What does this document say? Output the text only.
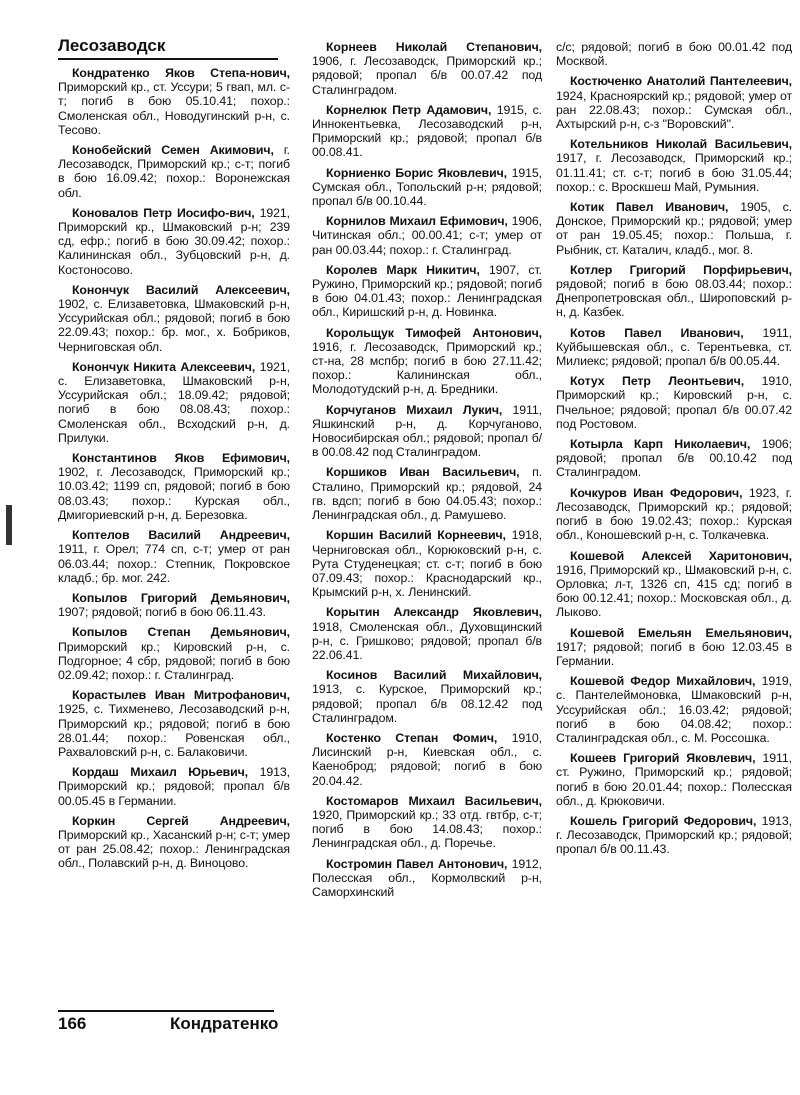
Лесозаводск
Кондратенко Яков Степа-нович, Приморский кр., ст. Уссури; 5 гвап, мл. с-т; погиб в бою 05.10.41; похор.: Смоленская обл., Новодугинский р-н, с. Тесово.
Конобейский Семен Акимович, г. Лесозаводск, Приморский кр.; с-т; погиб в бою 16.09.42; похор.: Воронежская обл.
Коновалов Петр Иосифо-вич, 1921, Приморский кр., Шмаковский р-н; 239 сд, ефр.; погиб в бою 30.09.42; похор.: Калининская обл., Зубцовский р-н, д. Костоносово.
Конончук Василий Алексеевич, 1902, с. Елизаветовка, Шмаковский р-н, Уссурийская обл.; рядовой; погиб в бою 22.09.43; похор.: бр. мог., х. Бобриков, Черниговская обл.
Конончук Никита Алексеевич, 1921, с. Елизаветовка, Шмаковский р-н, Уссурийская обл.; 18.09.42; рядовой; погиб в бою 08.08.43; похор.: Смоленская обл., Всходский р-н, д. Прилуки.
Константинов Яков Ефимович, 1902, г. Лесозаводск, Приморский кр.; 10.03.42; 1199 сп, рядовой; погиб в бою 08.03.43; похор.: Курская обл., Дмигориевский р-н, д. Березовка.
Коптелов Василий Андреевич, 1911, г. Орел; 774 сп, с-т; умер от ран 06.03.44; похор.: Степник, Покровское кладб.; бр. мог. 242.
Копылов Григорий Демьянович, 1907; рядовой; погиб в бою 06.11.43.
Копылов Степан Демьянович, Приморский кр.; Кировский р-н, с. Подгорное; 4 сбр, рядовой; погиб в бою 02.09.42; похор.: г. Сталинград.
Корастылев Иван Митрофанович, 1925, с. Тихменево, Лесозаводский р-н, Приморский кр.; рядовой; погиб в бою 28.01.44; похор.: Ровенская обл., Рахваловский р-н, с. Балаковичи.
Кордаш Михаил Юрьевич, 1913, Приморский кр.; рядовой; пропал б/в 00.05.45 в Германии.
Коркин Сергей Андреевич, Приморский кр., Хасанский р-н; с-т; умер от ран 25.08.42; похор.: Ленинградская обл., Полавский р-н, д. Виноцово.
Корнеев Николай Степанович, 1906, г. Лесозаводск, Приморский кр.; рядовой; пропал б/в 00.07.42 под Сталинградом.
Корнелюк Петр Адамович, 1915, с. Иннокентьевка, Лесозаводский р-н, Приморский кр.; рядовой; пропал б/в 00.08.41.
Корниенко Борис Яковлевич, 1915, Сумская обл., Топольский р-н; рядовой; пропал б/в 00.10.44.
Корнилов Михаил Ефимович, 1906, Читинская обл.; 00.00.41; с-т; умер от ран 00.03.44; похор.: г. Сталинград.
Королев Марк Никитич, 1907, ст. Ружино, Приморский кр.; рядовой; погиб в бою 04.01.43; похор.: Ленинградская обл., Киришский р-н, д. Новинка.
Корольщук Тимофей Антонович, 1916, г. Лесозаводск, Приморский кр.; ст-на, 28 мспбр; погиб в бою 27.11.42; похор.: Калининская обл., Молодотудский р-н, д. Бредники.
Корчуганов Михаил Лукич, 1911, Яшкинский р-н, д. Корчуганово, Новосибирская обл.; рядовой; пропал б/в 00.08.42 под Сталинградом.
Коршиков Иван Васильевич, п. Сталино, Приморский кр.; рядовой, 24 гв. вдсп; погиб в бою 04.05.43; похор.: Ленинградская обл., д. Рамушево.
Коршин Василий Корнеевич, 1918, Черниговская обл., Корюковский р-н, с. Рута Студенецкая; ст. с-т; погиб в бою 07.09.43; похор.: Краснодарский кр., Крымский р-н, х. Ленинский.
Корытин Александр Яковлевич, 1918, Смоленская обл., Духовщинский р-н, с. Гришково; рядовой; пропал б/в 22.06.41.
Косинов Василий Михайлович, 1913, с. Курское, Приморский кр.; рядовой; пропал б/в 08.12.42 под Сталинградом.
Костенко Степан Фомич, 1910, Лисинский р-н, Киевская обл., с. Каеноброд; рядовой; погиб в бою 20.04.42.
Костомаров Михаил Васильевич, 1920, Приморский кр.; 33 отд. гвтбр, с-т; погиб в бою 14.08.43; похор.: Ленинградская обл., д. Поречье.
Костромин Павел Антонович, 1912, Полесская обл., Кормолвский р-н, Саморхинский
с/с; рядовой; погиб в бою 00.01.42 под Москвой.
Костюченко Анатолий Пантелеевич, 1924, Красноярский кр.; рядовой; умер от ран 22.08.43; похор.: Сумская обл., Ахтырский р-н, с-з "Воровский".
Котельников Николай Васильевич, 1917, г. Лесозаводск, Приморский кр.; 01.11.41; ст. с-т; погиб в бою 31.05.44; похор.: с. Врoскшеш Май, Румыния.
Котик Павел Иванович, 1905, с. Донское, Приморский кр.; рядовой; умер от ран 19.05.45; похор.: Польша, г. Рыбник, ст. Каталич, кладб., мог. 8.
Котлер Григорий Порфирьевич, рядовой; погиб в бою 08.03.44; похор.: Днепропетровская обл., Широповский р-н, д. Казбек.
Котов Павел Иванович, 1911, Куйбышевская обл., с. Терентьевка, ст. Милиекс; рядовой; пропал б/в 00.05.44.
Котух Петр Леонтьевич, 1910, Приморский кр.; Кировский р-н, с. Пчельное; рядовой; пропал б/в 00.07.42 под Ростовом.
Котырла Карп Николаевич, 1906; рядовой; пропал б/в 00.10.42 под Сталинградом.
Кочкуров Иван Федорович, 1923, г. Лесозаводск, Приморский кр.; рядовой; погиб в бою 19.02.43; похор.: Курская обл., Коношевский р-н, с. Толкачевка.
Кошевой Алексей Харитонович, 1916, Приморский кр., Шмаковский р-н, с. Орловка; л-т, 1326 сп, 415 сд; погиб в бою 00.12.41; похор.: Московская обл., д. Лыково.
Кошевой Емельян Емельянович, 1917; рядовой; погиб в бою 12.03.45 в Германии.
Кошевой Федор Михайлович, 1919, с. Пантелеймоновка, Шмаковский р-н, Уссурийская обл.; 16.03.42; рядовой; погиб в бою 04.08.42; похор.: Сталинградская обл., с. М. Россошка.
Кошеев Григорий Яковлевич, 1911, ст. Ружино, Приморский кр.; рядовой; погиб в бою 20.01.44; похор.: Полесская обл., д. Крюковичи.
Кошель Григорий Федорович, 1913, г. Лесозаводск, Приморский кр.; рядовой; пропал б/в 00.11.43.
166	Кондратенко
